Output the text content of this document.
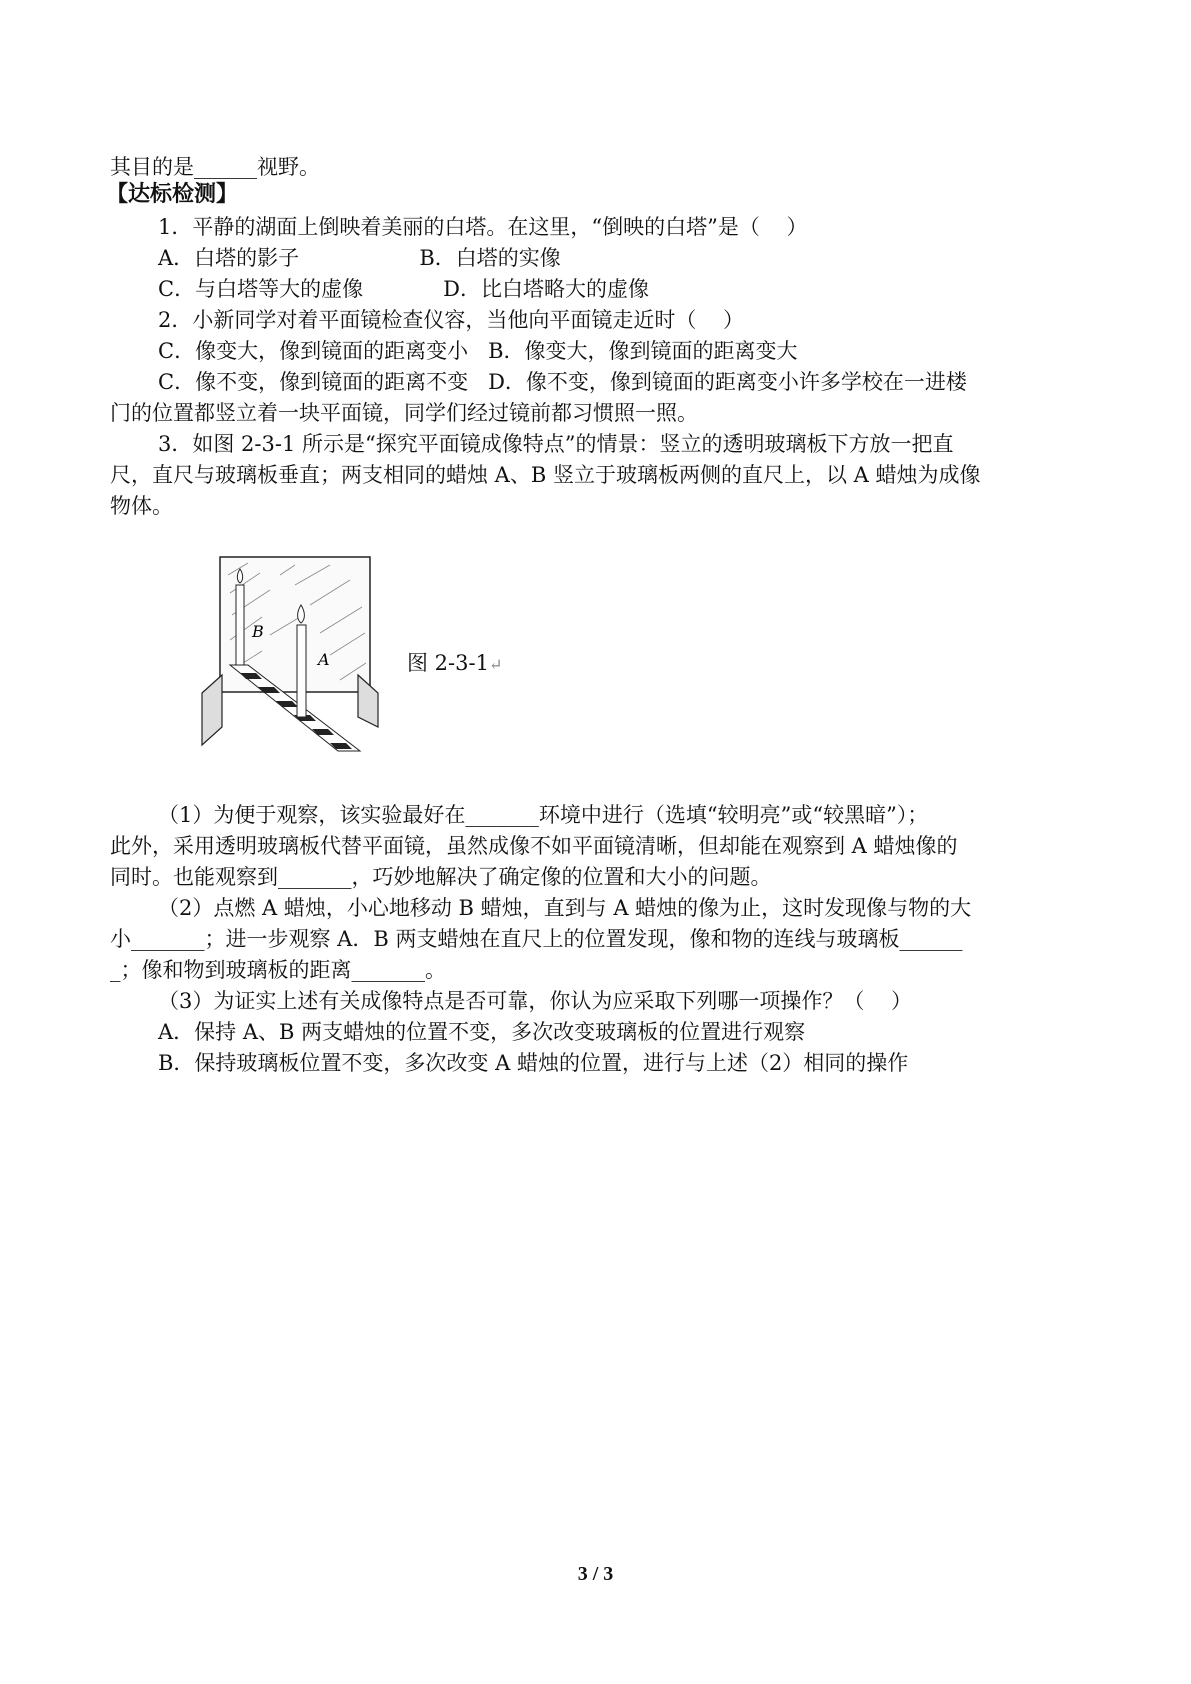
其目的是______视野。
【达标检测】
1．平静的湖面上倒映着美丽的白塔。在这里，“倒映的白塔”是（    ）
A．白塔的影子                  B．白塔的实像
C．与白塔等大的虚像            D．比白塔略大的虚像
2．小新同学对着平面镜检查仪容，当他向平面镜走近时（    ）
C．像变大，像到镜面的距离变小   B．像变大，像到镜面的距离变大
C．像不变，像到镜面的距离不变   D．像不变，像到镜面的距离变小许多学校在一进楼
门的位置都竖立着一块平面镜，同学们经过镜前都习惯照一照。
3．如图 2-3-1 所示是“探究平面镜成像特点”的情景：竖立的透明玻璃板下方放一把直
尺，直尺与玻璃板垂直；两支相同的蜡烛 A、B 竖立于玻璃板两侧的直尺上，以 A 蜡烛为成像
物体。
B
A	图 2-3-1↵
（1）为便于观察，该实验最好在_______环境中进行（选填“较明亮”或“较黑暗”）；
此外，采用透明玻璃板代替平面镜，虽然成像不如平面镜清晰，但却能在观察到 A 蜡烛像的
同时。也能观察到_______，巧妙地解决了确定像的位置和大小的问题。
（2）点燃 A 蜡烛，小心地移动 B 蜡烛，直到与 A 蜡烛的像为止，这时发现像与物的大
小_______；进一步观察 A．B 两支蜡烛在直尺上的位置发现，像和物的连线与玻璃板______
_；像和物到玻璃板的距离_______。
（3）为证实上述有关成像特点是否可靠，你认为应采取下列哪一项操作？（    ）
A．保持 A、B 两支蜡烛的位置不变，多次改变玻璃板的位置进行观察
B．保持玻璃板位置不变，多次改变 A 蜡烛的位置，进行与上述（2）相同的操作
3 / 3
